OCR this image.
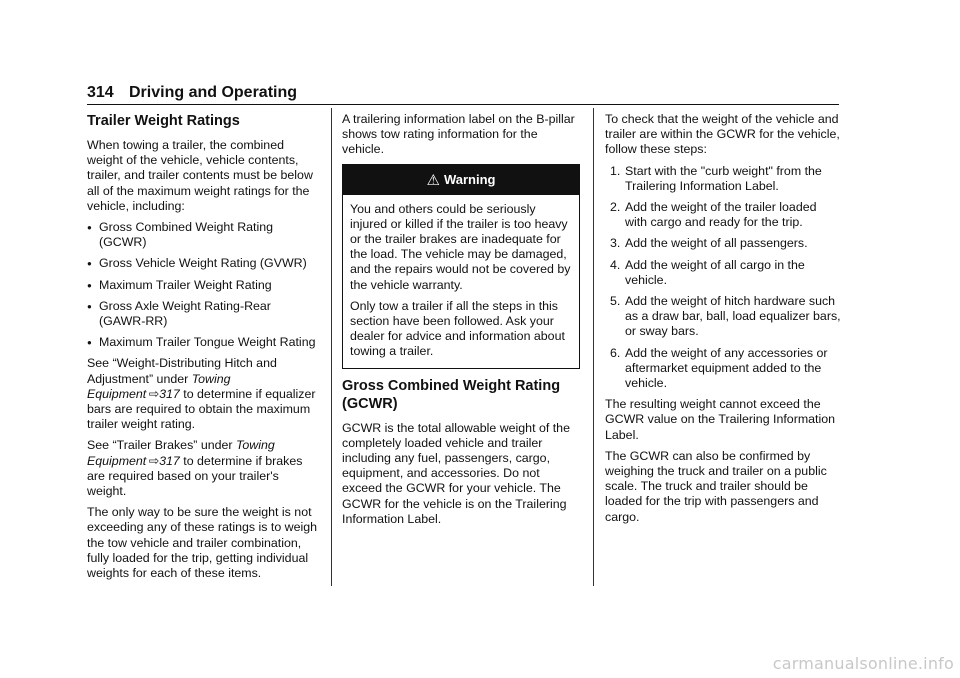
314 Driving and Operating
Trailer Weight Ratings

When towing a trailer, the combined weight of the vehicle, vehicle contents, trailer, and trailer contents must be below all of the maximum weight ratings for the vehicle, including:

● Gross Combined Weight Rating (GCWR)
● Gross Vehicle Weight Rating (GVWR)
● Maximum Trailer Weight Rating
● Gross Axle Weight Rating-Rear (GAWR-RR)
● Maximum Trailer Tongue Weight Rating

See “Weight-Distributing Hitch and Adjustment” under Towing Equipment  ⇨317 to determine if equalizer bars are required to obtain the maximum trailer weight rating.

See “Trailer Brakes” under Towing Equipment  ⇨317 to determine if brakes are required based on your trailer's weight.

The only way to be sure the weight is not exceeding any of these ratings is to weigh the tow vehicle and trailer combination, fully loaded for the trip, getting individual weights for each of these items.

A trailering information label on the B-pillar shows tow rating information for the vehicle.

⚠ Warning

You and others could be seriously injured or killed if the trailer is too heavy or the trailer brakes are inadequate for the load. The vehicle may be damaged, and the repairs would not be covered by the vehicle warranty.

Only tow a trailer if all the steps in this section have been followed. Ask your dealer for advice and information about towing a trailer.

Gross Combined Weight Rating (GCWR)

GCWR is the total allowable weight of the completely loaded vehicle and trailer including any fuel, passengers, cargo, equipment, and accessories. Do not exceed the GCWR for your vehicle. The GCWR for the vehicle is on the Trailering Information Label.

To check that the weight of the vehicle and trailer are within the GCWR for the vehicle, follow these steps:

1. Start with the "curb weight" from the Trailering Information Label.
2. Add the weight of the trailer loaded with cargo and ready for the trip.
3. Add the weight of all passengers.
4. Add the weight of all cargo in the vehicle.
5. Add the weight of hitch hardware such as a draw bar, ball, load equalizer bars, or sway bars.
6. Add the weight of any accessories or aftermarket equipment added to the vehicle.

The resulting weight cannot exceed the GCWR value on the Trailering Information Label.

The GCWR can also be confirmed by weighing the truck and trailer on a public scale. The truck and trailer should be loaded for the trip with passengers and cargo.

carmanualsonline.info
